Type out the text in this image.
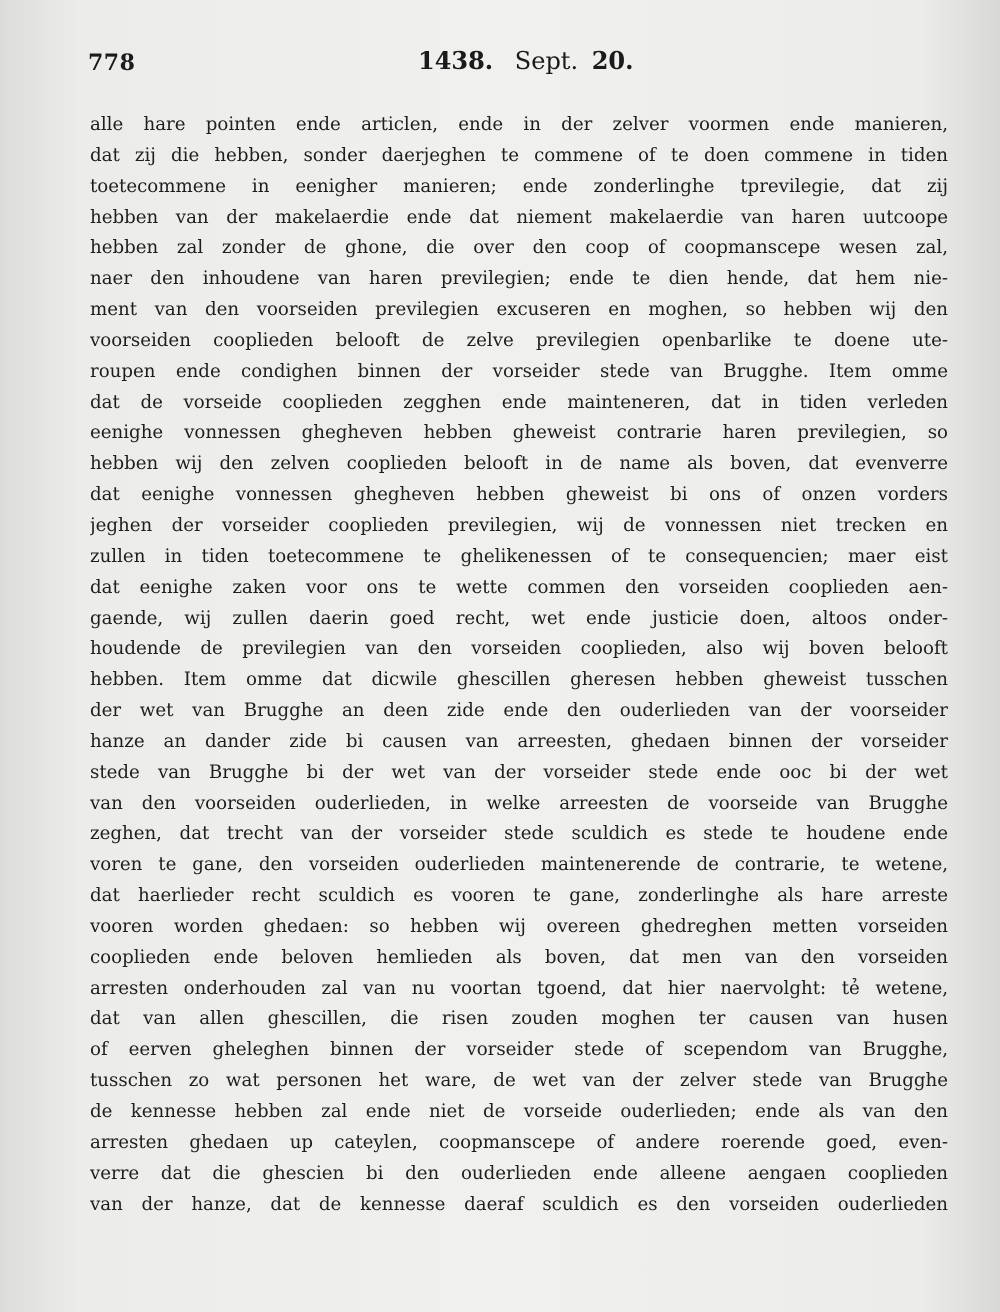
778	1438. Sept. 20.
alle hare pointen ende articlen, ende in der zelver voormen ende manieren,
dat zij die hebben, sonder daerjeghen te commene of te doen commene in tiden
toetecommene in eenigher manieren; ende zonderlinghe tprevilegie, dat zij
hebben van der makelaerdie ende dat niement makelaerdie van haren uutcoope
hebben zal zonder de ghone, die over den coop of coopmanscepe wesen zal,
naer den inhoudene van haren previlegien; ende te dien hende, dat hem nie-
ment van den voorseiden previlegien excuseren en moghen, so hebben wij den
voorseiden cooplieden belooft de zelve previlegien openbarlike te doene ute-
roupen ende condighen binnen der vorseider stede van Brugghe. Item omme
dat de vorseide cooplieden zegghen ende mainteneren, dat in tiden verleden
eenighe vonnessen ghegheven hebben gheweist contrarie haren previlegien, so
hebben wij den zelven cooplieden belooft in de name als boven, dat evenverre
dat eenighe vonnessen ghegheven hebben gheweist bi ons of onzen vorders
jeghen der vorseider cooplieden previlegien, wij de vonnessen niet trecken en
zullen in tiden toetecommene te ghelikenessen of te consequencien; maer eist
dat eenighe zaken voor ons te wette commen den vorseiden cooplieden aen-
gaende, wij zullen daerin goed recht, wet ende justicie doen, altoos onder-
houdende de previlegien van den vorseiden cooplieden, also wij boven belooft
hebben. Item omme dat dicwile ghescillen gheresen hebben gheweist tusschen
der wet van Brugghe an deen zide ende den ouderlieden van der voorseider
hanze an dander zide bi causen van arreesten, ghedaen binnen der vorseider
stede van Brugghe bi der wet van der vorseider stede ende ooc bi der wet
van den voorseiden ouderlieden, in welke arreesten de voorseide van Brugghe
zeghen, dat trecht van der vorseider stede sculdich es stede te houdene ende
voren te gane, den vorseiden ouderlieden maintenerende de contrarie, te wetene,
dat haerlieder recht sculdich es vooren te gane, zonderlinghe als hare arreste
vooren worden ghedaen: so hebben wij overeen ghedreghen metten vorseiden
cooplieden ende beloven hemlieden als boven, dat men van den vorseiden
arresten onderhouden zal van nu voortan tgoend, dat hier naervolght: tẻ wetene,
dat van allen ghescillen, die risen zouden moghen ter causen van husen
of eerven gheleghen binnen der vorseider stede of scependom van Brugghe,
tusschen zo wat personen het ware, de wet van der zelver stede van Brugghe
de kennesse hebben zal ende niet de vorseide ouderlieden; ende als van den
arresten ghedaen up cateylen, coopmanscepe of andere roerende goed, even-
verre dat die ghescien bi den ouderlieden ende alleene aengaen cooplieden
van der hanze, dat de kennesse daeraf sculdich es den vorseiden ouderlieden
